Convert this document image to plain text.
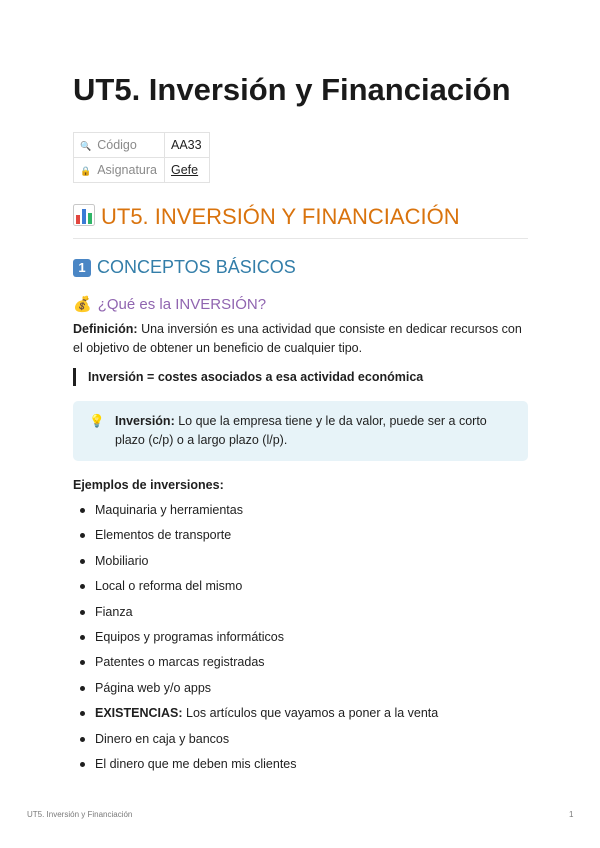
UT5. Inversión y Financiación
🔍 Código	AA33
🔒 Asignatura	Gefe
UT5. INVERSIÓN Y FINANCIACIÓN
1 CONCEPTOS BÁSICOS
💰 ¿Qué es la INVERSIÓN?

Definición: Una inversión es una actividad que consiste en dedicar recursos con el objetivo de obtener un beneficio de cualquier tipo.

Inversión = costes asociados a esa actividad económica
💡 Inversión: Lo que la empresa tiene y le da valor, puede ser a corto plazo (c/p) o a largo plazo (l/p).
Ejemplos de inversiones:
Maquinaria y herramientas
Elementos de transporte
Mobiliario
Local o reforma del mismo
Fianza
Equipos y programas informáticos
Patentes o marcas registradas
Página web y/o apps
EXISTENCIAS: Los artículos que vayamos a poner a la venta
Dinero en caja y bancos
El dinero que me deben mis clientes
UT5. Inversión y Financiación	1
